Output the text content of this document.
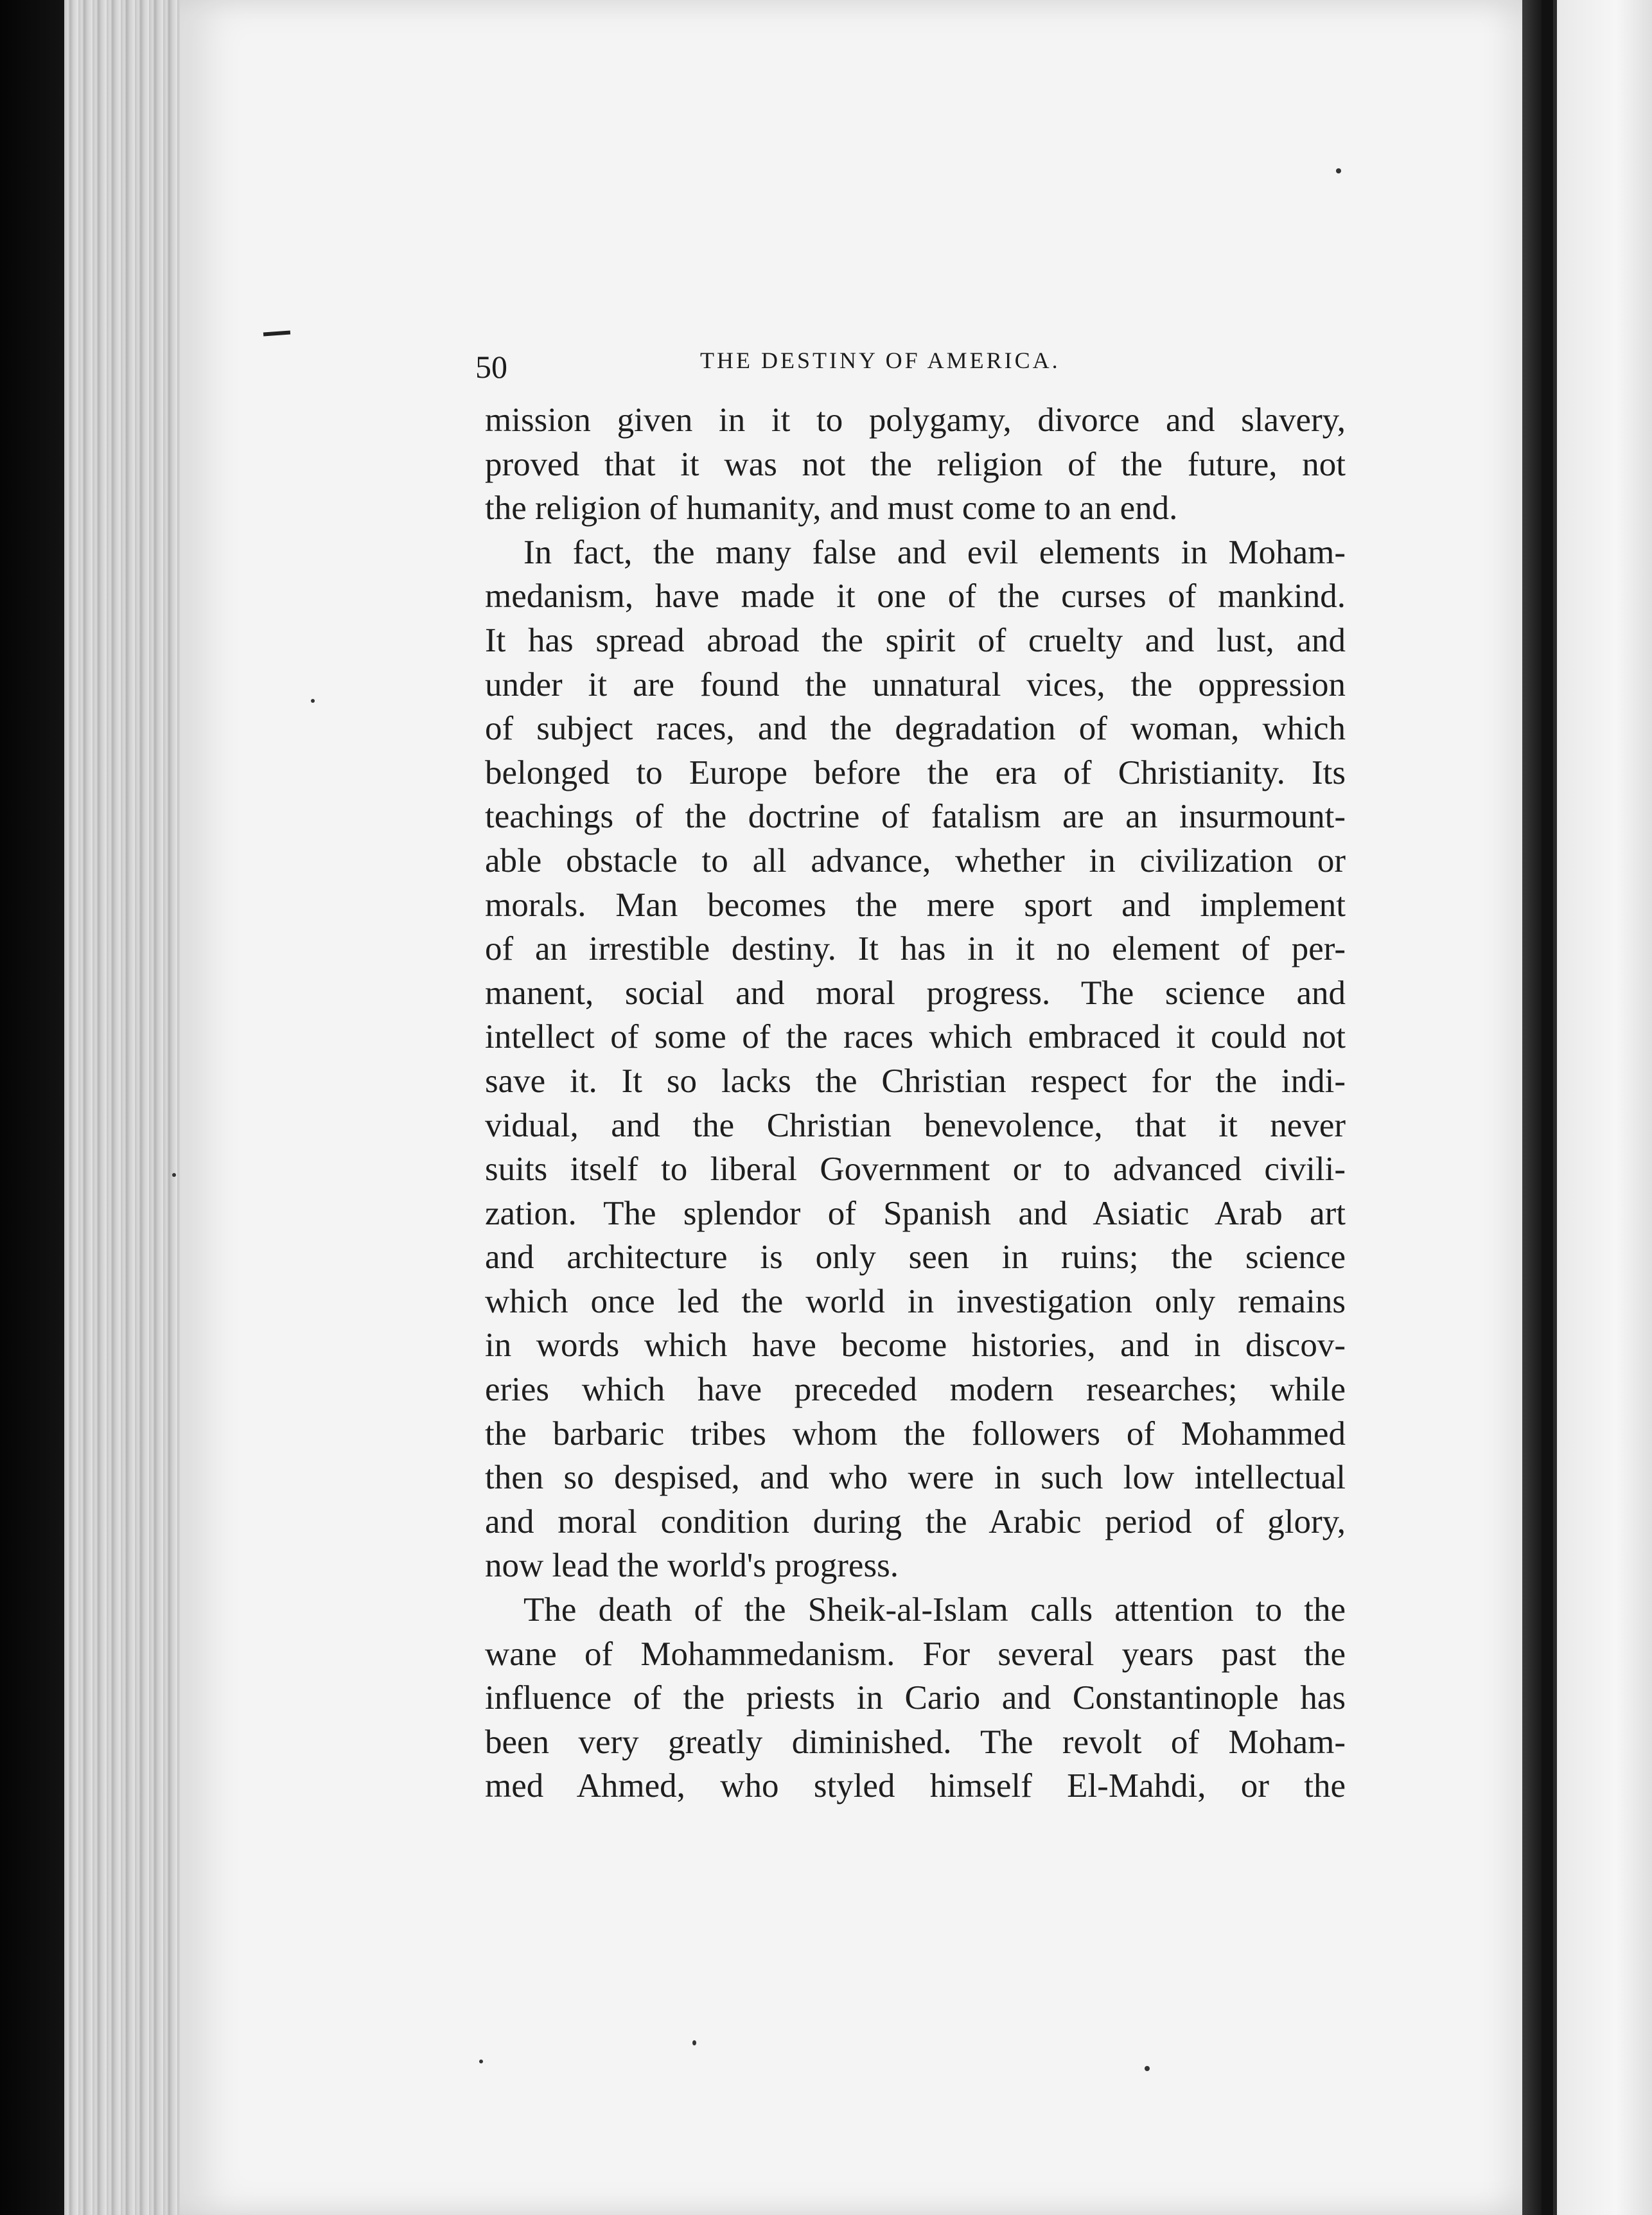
50	THE DESTINY OF AMERICA.

mission given in it to polygamy, divorce and slavery,
proved that it was not the religion of the future, not
the religion of humanity, and must come to an end.

In fact, the many false and evil elements in Moham-
medanism, have made it one of the curses of mankind.
It has spread abroad the spirit of cruelty and lust, and
under it are found the unnatural vices, the oppression
of subject races, and the degradation of woman, which
belonged to Europe before the era of Christianity. Its
teachings of the doctrine of fatalism are an insurmount-
able obstacle to all advance, whether in civilization or
morals. Man becomes the mere sport and implement
of an irrestible destiny. It has in it no element of per-
manent, social and moral progress. The science and
intellect of some of the races which embraced it could not
save it. It so lacks the Christian respect for the indi-
vidual, and the Christian benevolence, that it never
suits itself to liberal Government or to advanced civili-
zation. The splendor of Spanish and Asiatic Arab art
and architecture is only seen in ruins; the science
which once led the world in investigation only remains
in words which have become histories, and in discov-
eries which have preceded modern researches; while
the barbaric tribes whom the followers of Mohammed
then so despised, and who were in such low intellectual
and moral condition during the Arabic period of glory,
now lead the world's progress.

The death of the Sheik-al-Islam calls attention to the
wane of Mohammedanism. For several years past the
influence of the priests in Cario and Constantinople has
been very greatly diminished. The revolt of Moham-
med Ahmed, who styled himself El-Mahdi, or the
